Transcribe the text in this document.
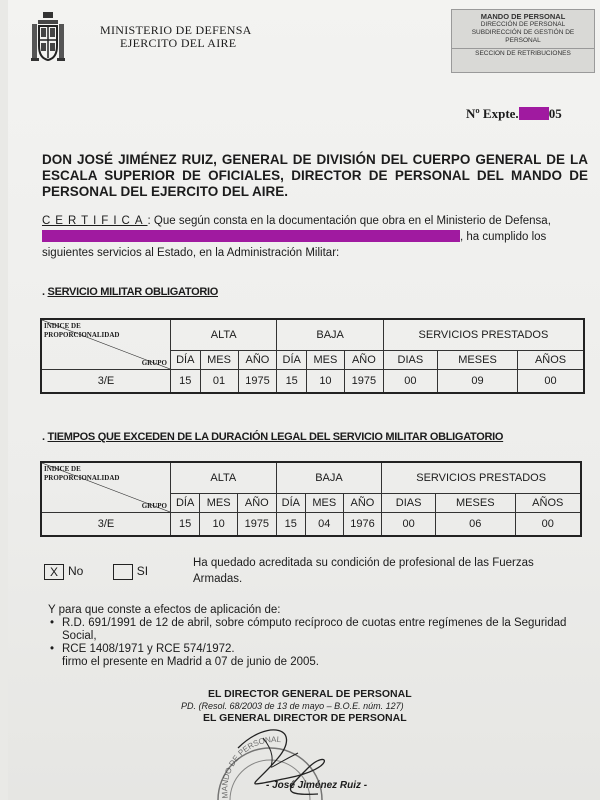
MINISTERIO DE DEFENSA
EJERCITO DEL AIRE
MANDO DE PERSONAL
DIRECCIÓN DE PERSONAL
SUBDIRECCIÓN DE GESTIÓN DE
PERSONAL
SECCION DE RETRIBUCIONES
Nº Expte. 05
DON JOSÉ JIMÉNEZ RUIZ, GENERAL DE DIVISIÓN DEL CUERPO GENERAL DE LA ESCALA SUPERIOR DE OFICIALES, DIRECTOR DE PERSONAL DEL MANDO DE PERSONAL DEL EJERCITO DEL AIRE.
CERTIFICA: Que según consta en la documentación que obra en el Ministerio de Defensa, , ha cumplido los siguientes servicios al Estado, en la Administración Militar:
. SERVICIO MILITAR OBLIGATORIO
INDICE DE
PROPORCIONALIDAD
GRUPO	ALTA			BAJA			SERVICIOS PRESTADOS		
	DÍA	MES	AÑO	DÍA	MES	AÑO	DIAS	MESES	AÑOS
3/E	15	01	1975	15	10	1975	00	09	00
. TIEMPOS QUE EXCEDEN DE LA DURACIÓN LEGAL DEL SERVICIO MILITAR OBLIGATORIO
INDICE DE
PROPORCIONALIDAD
GRUPO	ALTA			BAJA			SERVICIOS PRESTADOS		
	DÍA	MES	AÑO	DÍA	MES	AÑO	DIAS	MESES	AÑOS
3/E	15	10	1975	15	04	1976	00	06	00
X No	SI
Ha quedado acreditada su condición de profesional de las Fuerzas Armadas.
Y para que conste a efectos de aplicación de:
• R.D. 691/1991 de 12 de abril, sobre cómputo recíproco de cuotas entre regímenes de la Seguridad Social,
• RCE 1408/1971 y RCE 574/1972.
firmo el presente en Madrid a 07 de junio de 2005.
EL DIRECTOR GENERAL DE PERSONAL
PD. (Resol. 68/2003 de 13 de mayo – B.O.E. núm. 127)
EL GENERAL DIRECTOR DE PERSONAL
MANDO DE PERSONAL
- José Jiménez Ruiz -
